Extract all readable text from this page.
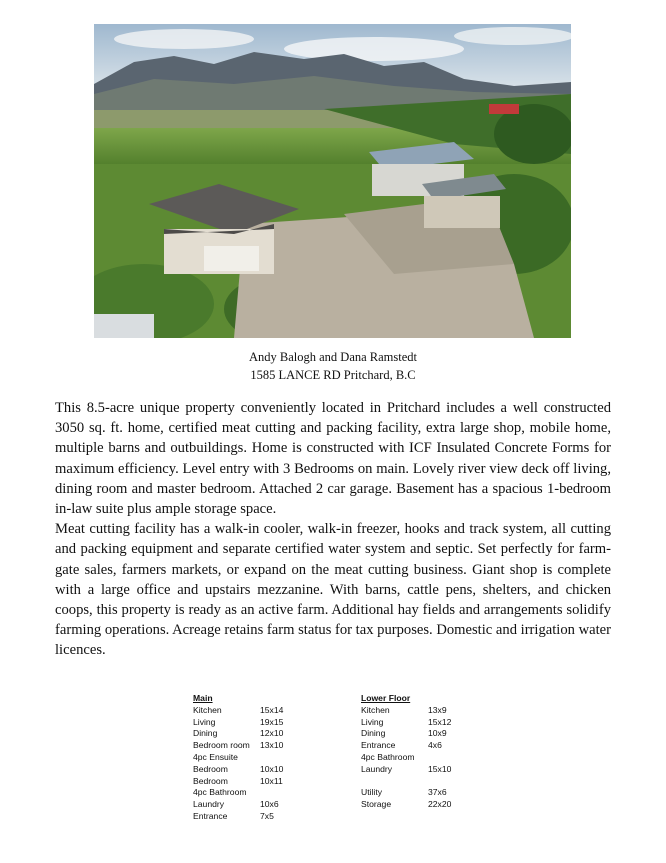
Andy Balogh and Dana Ramstedt
1585 LANCE RD Pritchard, B.C

This 8.5-acre unique property conveniently located in Pritchard includes a well constructed 3050 sq. ft. home, certified meat cutting and packing facility, extra large shop, mobile home, multiple barns and outbuildings. Home is constructed with ICF Insulated Concrete Forms for maximum efficiency. Level entry with 3 Bedrooms on main. Lovely river view deck off living, dining room and master bedroom. Attached 2 car garage. Basement has a spacious 1-bedroom in-law suite plus ample storage space.

Meat cutting facility has a walk-in cooler, walk-in freezer, hooks and track system, all cutting and packing equipment and separate certified water system and septic. Set perfectly for farm-gate sales, farmers markets, or expand on the meat cutting business. Giant shop is complete with a large office and upstairs mezzanine. With barns, cattle pens, shelters, and chicken coops, this property is ready as an active farm. Additional hay fields and arrangements solidify farming operations. Acreage retains farm status for tax purposes. Domestic and irrigation water licences.

Main
Kitchen	15x14
Living	19x15
Dining	12x10
Bedroom room	13x10
4pc Ensuite

Bedroom	10x10
Bedroom	10x11
4pc Bathroom

Laundry	10x6
Entrance	7x5
Lower Floor
Kitchen	13x9
Living	15x12
Dining	10x9
Entrance	4x6
4pc Bathroom

Laundry	15x10

Utility	37x6
Storage	22x20
